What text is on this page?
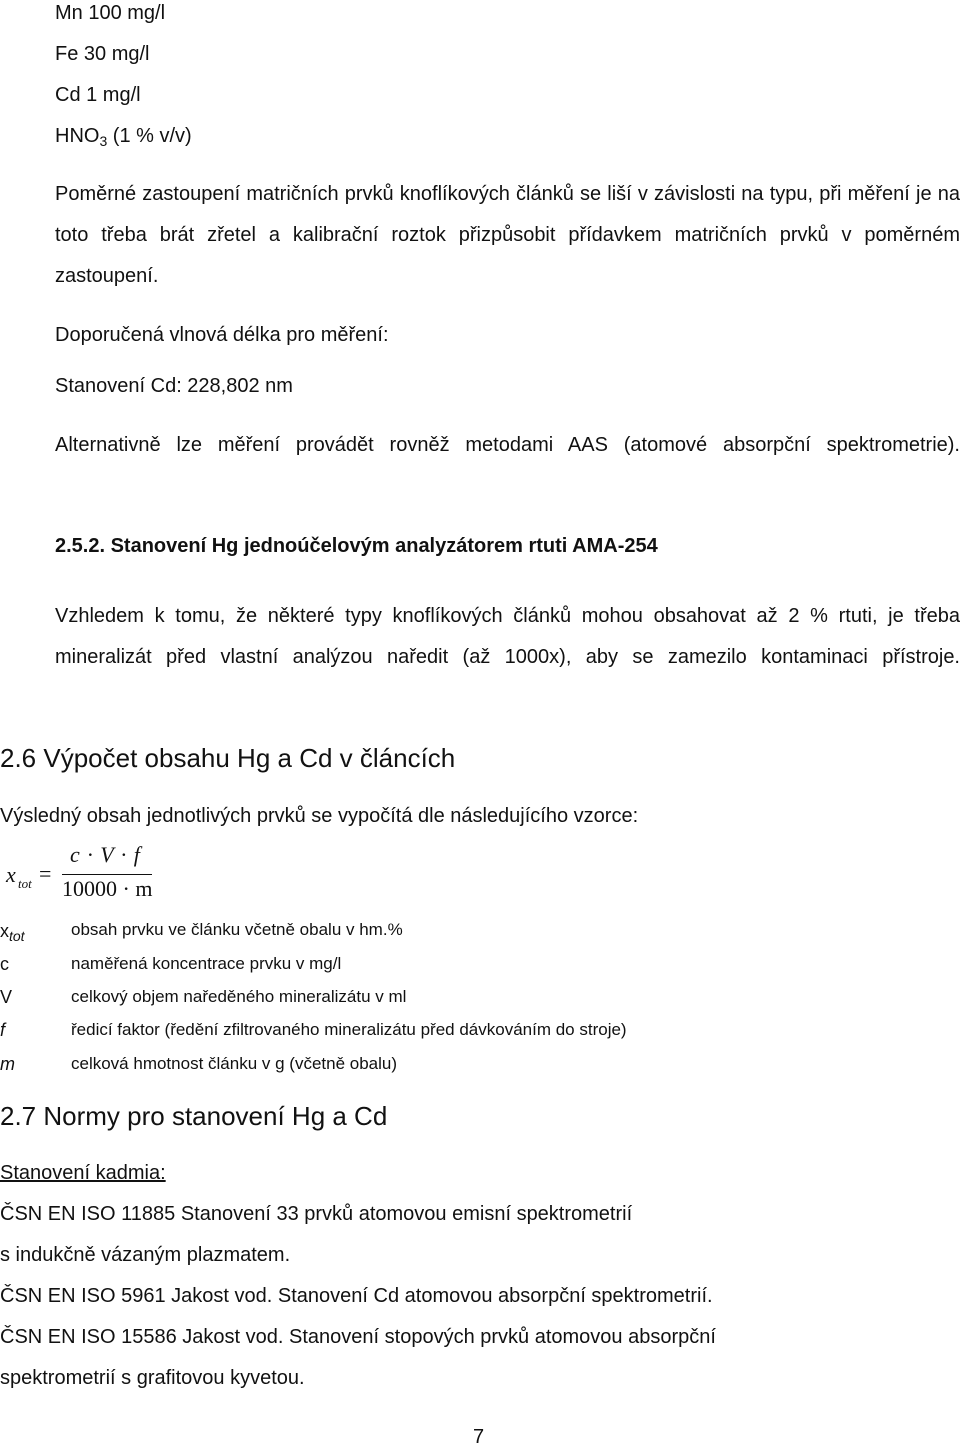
Mn 100 mg/l
Fe 30 mg/l
Cd 1 mg/l
$HNO_3$ (1 % v/v)
Poměrné zastoupení matričních prvků knoflíkových článků se liší v závislosti na typu, při měření je na toto třeba brát zřetel a kalibrační roztok přizpůsobit přídavkem matričních prvků v poměrném zastoupení.
Doporučená vlnová délka pro měření:
Stanovení Cd: 228,802 nm
Alternativně lze měření provádět rovněž metodami AAS (atomové absorpční spektrometrie).
2.5.2. Stanovení Hg jednoúčelovým analyzátorem rtuti AMA-254
Vzhledem k tomu, že některé typy knoflíkových článků mohou obsahovat až 2 % rtuti, je třeba mineralizát před vlastní analýzou naředit (až 1000x), aby se zamezilo kontaminaci přístroje.
2.6 Výpočet obsahu Hg a Cd v článcích
Výsledný obsah jednotlivých prvků se vypočítá dle následujícího vzorce:
x tot =
c · V · f
10000 · m
$x_{tot}$	obsah prvku ve článku včetně obalu v hm.%
c	naměřená koncentrace prvku v mg/l
V	celkový objem naředěného mineralizátu v ml
f	ředicí faktor (ředění zfiltrovaného mineralizátu před dávkováním do stroje)
m	celková hmotnost článku v g (včetně obalu)
2.7 Normy pro stanovení Hg a Cd
Stanovení kadmia:
ČSN EN ISO 11885 Stanovení 33 prvků atomovou emisní spektrometrií
s indukčně vázaným plazmatem.
ČSN EN ISO 5961 Jakost vod. Stanovení Cd atomovou absorpční spektrometrií.
ČSN EN ISO 15586 Jakost vod. Stanovení stopových prvků atomovou absorpční
spektrometrií s grafitovou kyvetou.
7
